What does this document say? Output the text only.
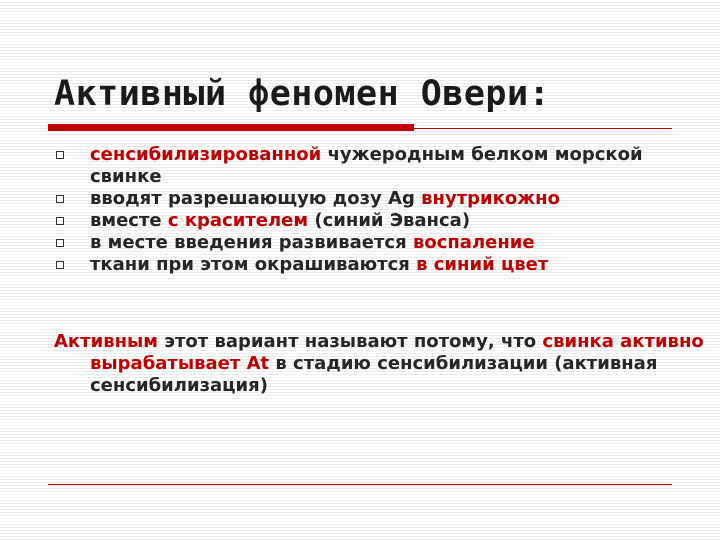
Активный феномен Овери:
сенсибилизированной чужеродным белком морской свинке
вводят разрешающую дозу Ag внутрикожно
вместе с красителем (синий Эванса)
в месте введения развивается воспаление
ткани при этом окрашиваются в синий цвет

Активным этот вариант называют потому, что свинка активно вырабатывает At в стадию сенсибилизации (активная сенсибилизация)
